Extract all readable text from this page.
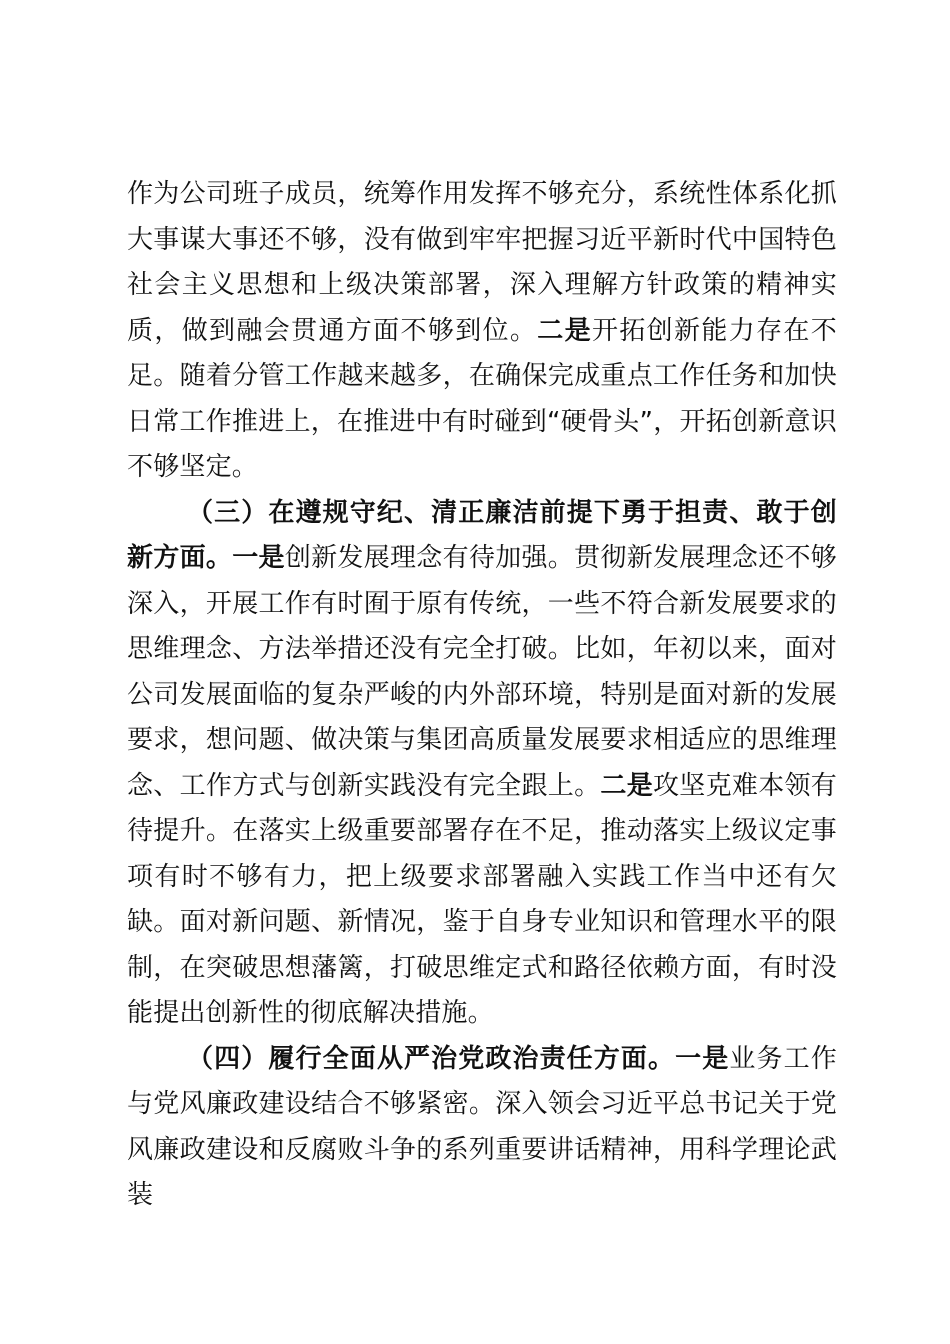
作为公司班子成员，统筹作用发挥不够充分，系统性体系化抓大事谋大事还不够，没有做到牢牢把握习近平新时代中国特色社会主义思想和上级决策部署，深入理解方针政策的精神实质，做到融会贯通方面不够到位。二是开拓创新能力存在不足。随着分管工作越来越多，在确保完成重点工作任务和加快日常工作推进上，在推进中有时碰到“硬骨头”，开拓创新意识不够坚定。

（三）在遵规守纪、清正廉洁前提下勇于担责、敢于创新方面。一是创新发展理念有待加强。贯彻新发展理念还不够深入，开展工作有时囿于原有传统，一些不符合新发展要求的思维理念、方法举措还没有完全打破。比如，年初以来，面对公司发展面临的复杂严峻的内外部环境，特别是面对新的发展要求，想问题、做决策与集团高质量发展要求相适应的思维理念、工作方式与创新实践没有完全跟上。二是攻坚克难本领有待提升。在落实上级重要部署存在不足，推动落实上级议定事项有时不够有力，把上级要求部署融入实践工作当中还有欠缺。面对新问题、新情况，鉴于自身专业知识和管理水平的限制，在突破思想藩篱，打破思维定式和路径依赖方面，有时没能提出创新性的彻底解决措施。

（四）履行全面从严治党政治责任方面。一是业务工作与党风廉政建设结合不够紧密。深入领会习近平总书记关于党风廉政建设和反腐败斗争的系列重要讲话精神，用科学理论武装
